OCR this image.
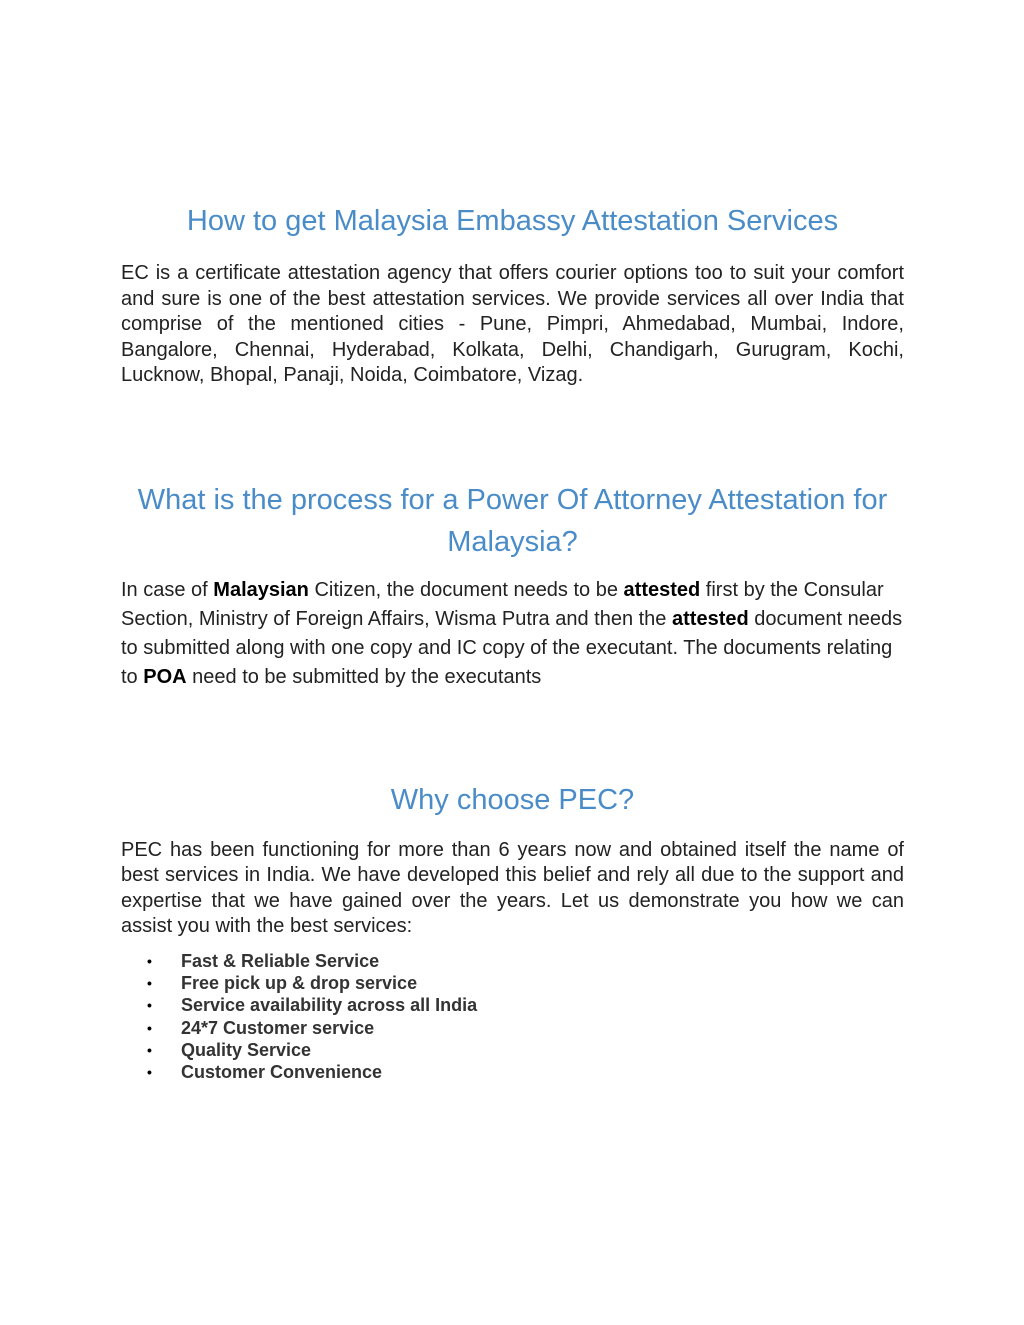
How to get Malaysia Embassy Attestation Services

EC is a certificate attestation agency that offers courier options too to suit your comfort and sure is one of the best attestation services. We provide services all over India that comprise of the mentioned cities - Pune, Pimpri, Ahmedabad, Mumbai, Indore, Bangalore, Chennai, Hyderabad, Kolkata, Delhi, Chandigarh, Gurugram, Kochi, Lucknow, Bhopal, Panaji, Noida, Coimbatore, Vizag.

What is the process for a Power Of Attorney Attestation for Malaysia?

In case of Malaysian Citizen, the document needs to be attested first by the Consular Section, Ministry of Foreign Affairs, Wisma Putra and then the attested document needs to submitted along with one copy and IC copy of the executant. The documents relating to POA need to be submitted by the executants

Why choose PEC?

PEC has been functioning for more than 6 years now and obtained itself the name of best services in India. We have developed this belief and rely all due to the support and expertise that we have gained over the years. Let us demonstrate you how we can assist you with the best services:

• Fast & Reliable Service
• Free pick up & drop service
• Service availability across all India
• 24*7 Customer service
• Quality Service
• Customer Convenience
